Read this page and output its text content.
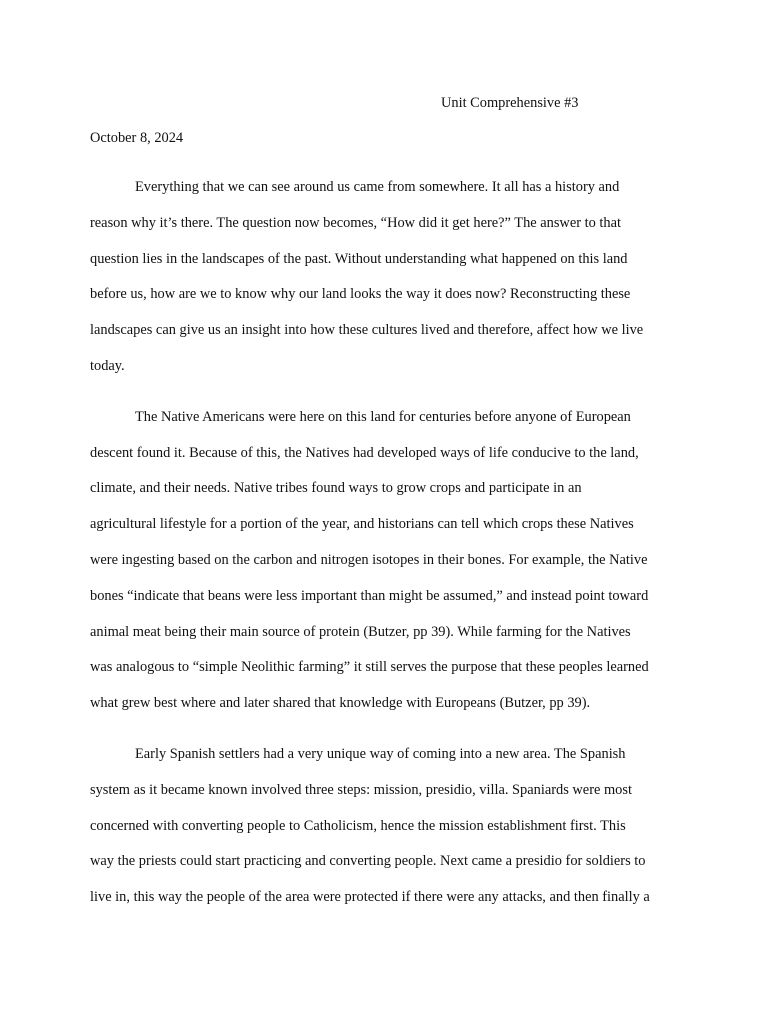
Unit Comprehensive #3
October 8, 2024

Everything that we can see around us came from somewhere. It all has a history and
reason why it’s there. The question now becomes, “How did it get here?” The answer to that
question lies in the landscapes of the past. Without understanding what happened on this land
before us, how are we to know why our land looks the way it does now? Reconstructing these
landscapes can give us an insight into how these cultures lived and therefore, affect how we live
today.

The Native Americans were here on this land for centuries before anyone of European
descent found it. Because of this, the Natives had developed ways of life conducive to the land,
climate, and their needs. Native tribes found ways to grow crops and participate in an
agricultural lifestyle for a portion of the year, and historians can tell which crops these Natives
were ingesting based on the carbon and nitrogen isotopes in their bones. For example, the Native
bones “indicate that beans were less important than might be assumed,” and instead point toward
animal meat being their main source of protein (Butzer, pp 39). While farming for the Natives
was analogous to “simple Neolithic farming” it still serves the purpose that these peoples learned
what grew best where and later shared that knowledge with Europeans (Butzer, pp 39).

Early Spanish settlers had a very unique way of coming into a new area. The Spanish
system as it became known involved three steps: mission, presidio, villa. Spaniards were most
concerned with converting people to Catholicism, hence the mission establishment first. This
way the priests could start practicing and converting people. Next came a presidio for soldiers to
live in, this way the people of the area were protected if there were any attacks, and then finally a
